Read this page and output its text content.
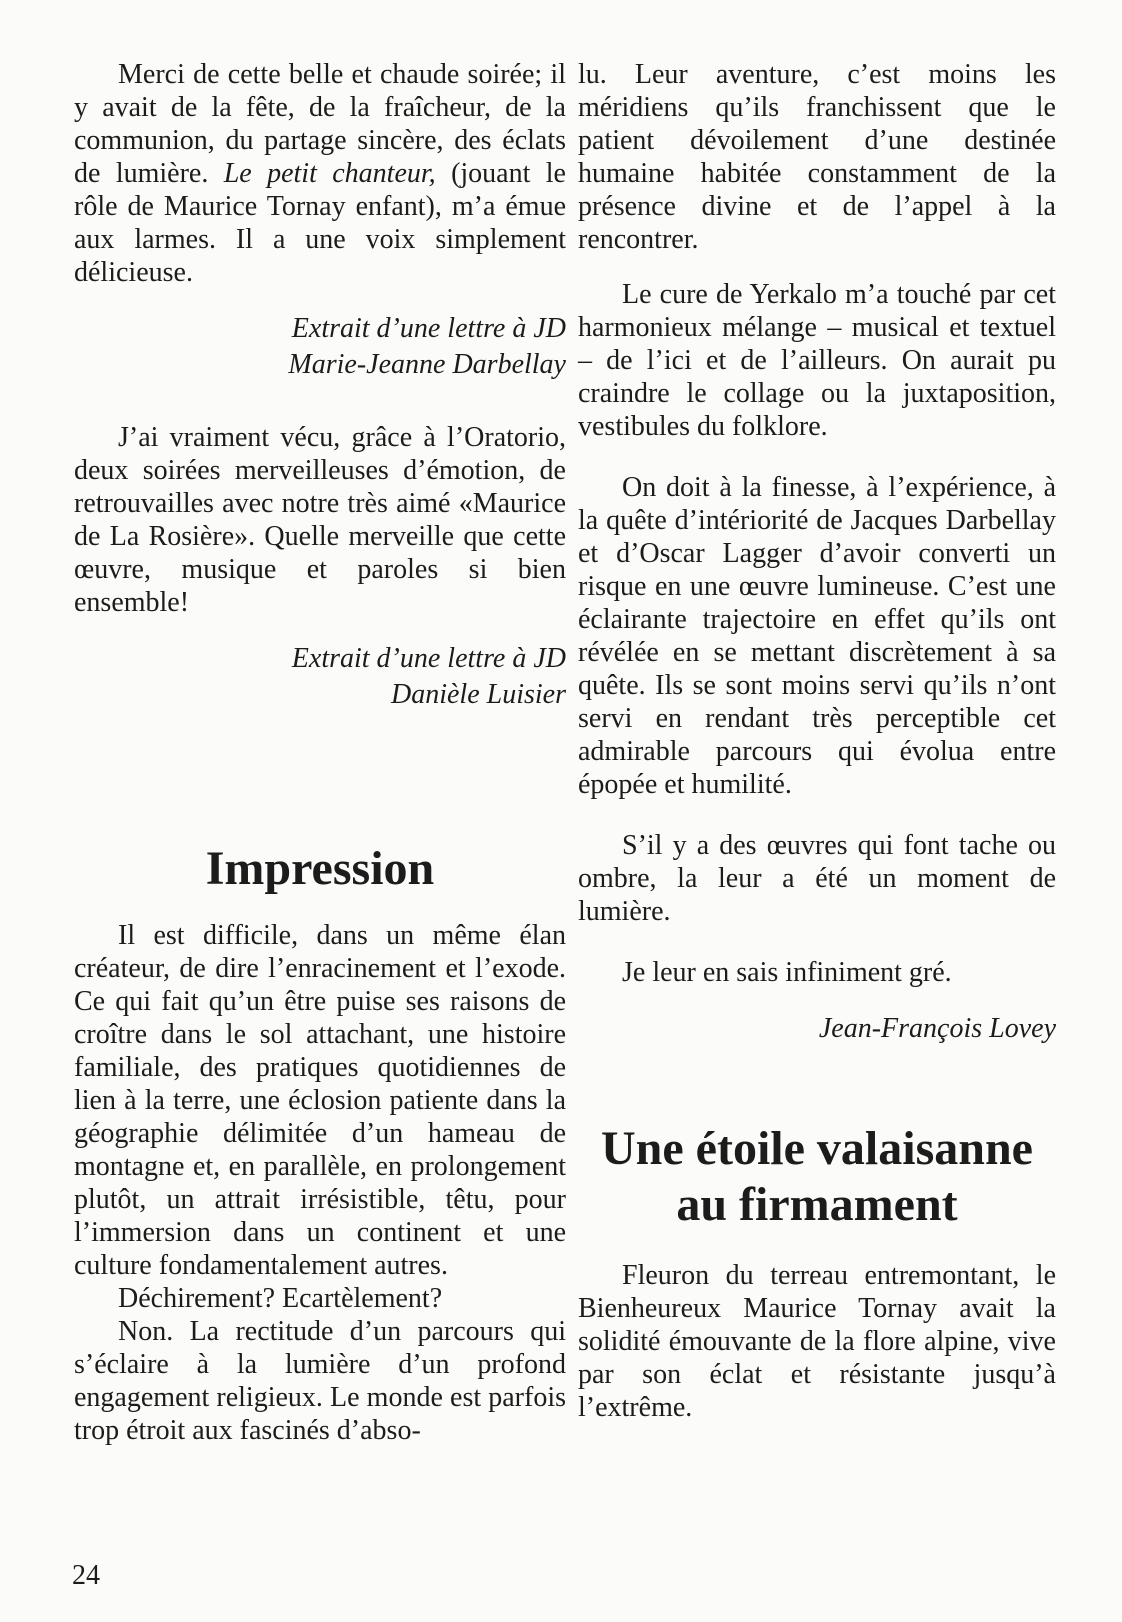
Merci de cette belle et chaude soirée; il y avait de la fête, de la fraîcheur, de la communion, du partage sincère, des éclats de lumière. Le petit chanteur, (jouant le rôle de Maurice Tornay enfant), m’a émue aux larmes. Il a une voix simplement délicieuse.

Extrait d’une lettre à JD
Marie-Jeanne Darbellay

J’ai vraiment vécu, grâce à l’Oratorio, deux soirées merveilleuses d’émotion, de retrouvailles avec notre très aimé «Maurice de La Rosière». Quelle merveille que cette œuvre, musique et paroles si bien ensemble!

Extrait d’une lettre à JD
Danièle Luisier
Impression

Il est difficile, dans un même élan créateur, de dire l’enracinement et l’exode. Ce qui fait qu’un être puise ses raisons de croître dans le sol attachant, une histoire familiale, des pratiques quotidiennes de lien à la terre, une éclosion patiente dans la géographie délimitée d’un hameau de montagne et, en parallèle, en prolongement plutôt, un attrait irrésistible, têtu, pour l’immersion dans un continent et une culture fondamentalement autres.

Déchirement? Ecartèlement?

Non. La rectitude d’un parcours qui s’éclaire à la lumière d’un profond engagement religieux. Le monde est parfois trop étroit aux fascinés d’abso-

lu. Leur aventure, c’est moins les méridiens qu’ils franchissent que le patient dévoilement d’une destinée humaine habitée constamment de la présence divine et de l’appel à la rencontrer.

Le cure de Yerkalo m’a touché par cet harmonieux mélange – musical et textuel – de l’ici et de l’ailleurs. On aurait pu craindre le collage ou la juxtaposition, vestibules du folklore.

On doit à la finesse, à l’expérience, à la quête d’intériorité de Jacques Darbellay et d’Oscar Lagger d’avoir converti un risque en une œuvre lumineuse. C’est une éclairante trajectoire en effet qu’ils ont révélée en se mettant discrètement à sa quête. Ils se sont moins servi qu’ils n’ont servi en rendant très perceptible cet admirable parcours qui évolua entre épopée et humilité.

S’il y a des œuvres qui font tache ou ombre, la leur a été un moment de lumière.

Je leur en sais infiniment gré.

Jean-François Lovey
Une étoile valaisanne
au firmament

Fleuron du terreau entremontant, le Bienheureux Maurice Tornay avait la solidité émouvante de la flore alpine, vive par son éclat et résistante jusqu’à l’extrême.

24
